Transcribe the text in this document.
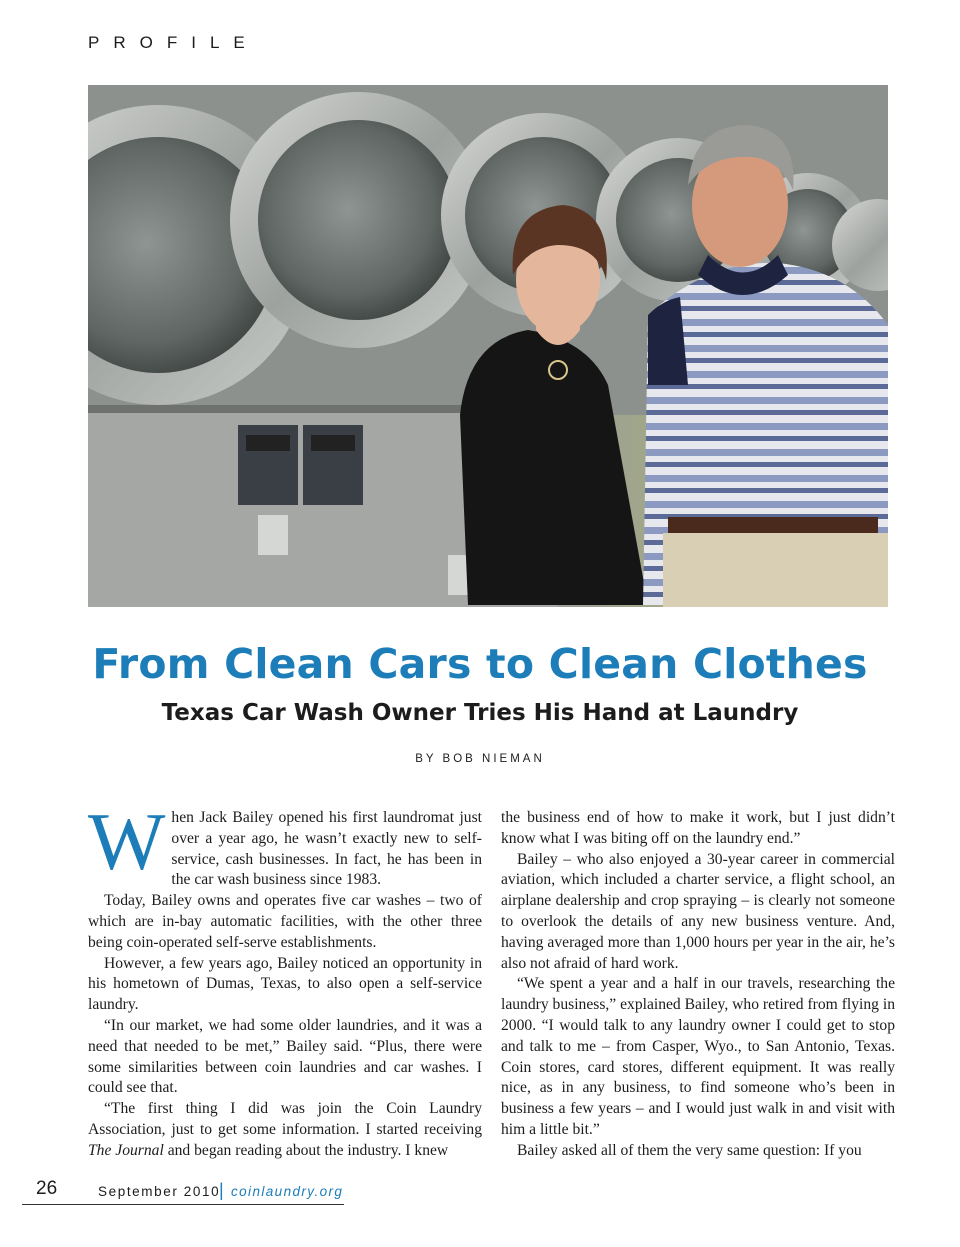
PROFILE
From Clean Cars to Clean Clothes
Texas Car Wash Owner Tries His Hand at Laundry
BY BOB NIEMAN

When Jack Bailey opened his first laundromat just over a year ago, he wasn’t exactly new to self-service, cash businesses. In fact, he has been in the car wash business since 1983.

Today, Bailey owns and operates five car washes – two of which are in-bay automatic facilities, with the other three being coin-operated self-serve establishments.

However, a few years ago, Bailey noticed an opportunity in his hometown of Dumas, Texas, to also open a self-service laundry.

“In our market, we had some older laundries, and it was a need that needed to be met,” Bailey said. “Plus, there were some similarities between coin laundries and car washes. I could see that.

“The first thing I did was join the Coin Laundry Association, just to get some information. I started receiving The Journal and began reading about the industry. I knew

the business end of how to make it work, but I just didn’t know what I was biting off on the laundry end.”

Bailey – who also enjoyed a 30-year career in commercial aviation, which included a charter service, a flight school, an airplane dealership and crop spraying – is clearly not someone to overlook the details of any new business venture. And, having averaged more than 1,000 hours per year in the air, he’s also not afraid of hard work.

“We spent a year and a half in our travels, researching the laundry business,” explained Bailey, who retired from flying in 2000. “I would talk to any laundry owner I could get to stop and talk to me – from Casper, Wyo., to San Antonio, Texas. Coin stores, card stores, different equipment. It was really nice, as in any business, to find someone who’s been in business a few years – and I would just walk in and visit with him a little bit.”

Bailey asked all of them the very same question: If you

26	September 2010
| coinlaundry.org
